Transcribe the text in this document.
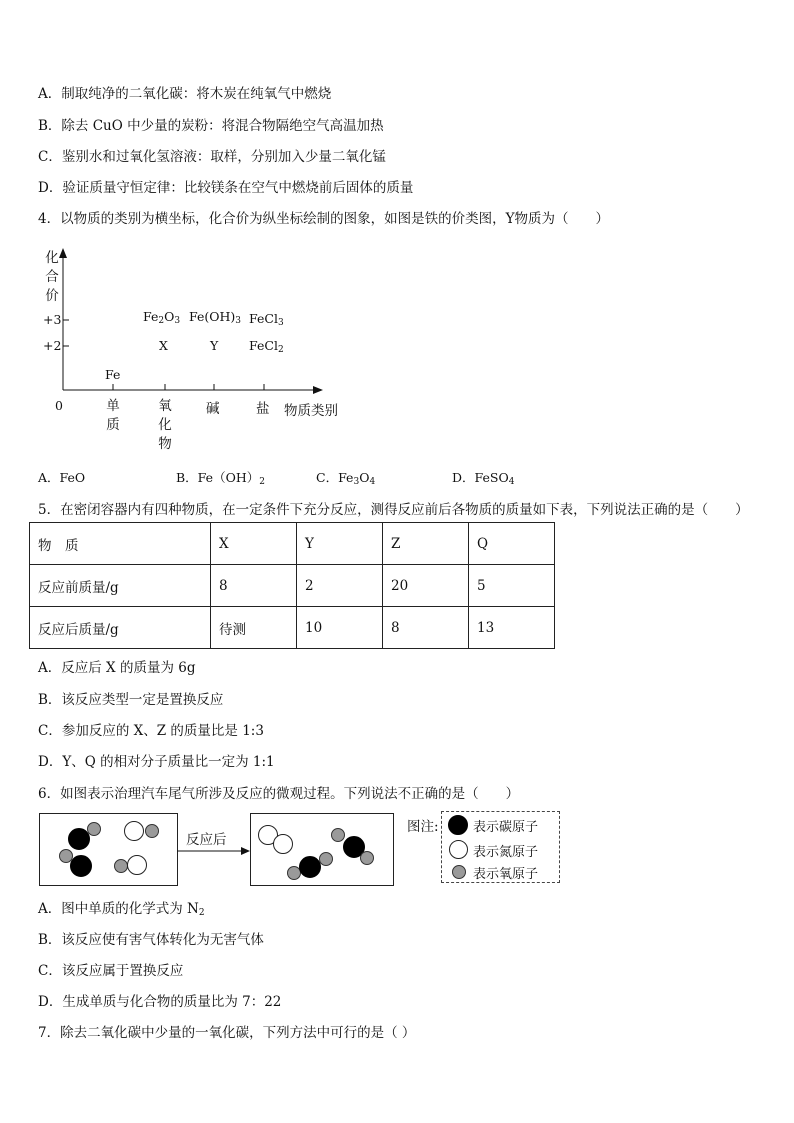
A．制取纯净的二氧化碳：将木炭在纯氧气中燃烧
B．除去 CuO 中少量的炭粉：将混合物隔绝空气高温加热
C．鉴别水和过氧化氢溶液：取样，分别加入少量二氧化锰
D．验证质量守恒定律：比较镁条在空气中燃烧前后固体的质量
4．以物质的类别为横坐标，化合价为纵坐标绘制的图象，如图是铁的价类图，Y物质为（　　）
化
合
价
+3
+2
0	单
质
氧
化
物
碱	盐 物质类别
Fe
$Fe_2O_3$ $Fe(OH)_3$ FeCl$_3$
X	Y FeCl$_2$
A．FeO	B．$Fe(OH)_2$	C．$Fe_3O_4$	D．FeSO$_4$
5．在密闭容器内有四种物质，在一定条件下充分反应，测得反应前后各物质的质量如下表，下列说法正确的是（　　）
物　质	X	Y	Z	Q
反应前质量/g	8	2	20	5
反应后质量/g	待测	10	8	13
A．反应后 X 的质量为 6g
B．该反应类型一定是置换反应
C．参加反应的 X、Z 的质量比是 1:3
D．Y、Q 的相对分子质量比一定为 1:1
6．如图表示治理汽车尾气所涉及反应的微观过程。下列说法不正确的是（　　）
反应后
图注:	表示碳原子
表示氮原子
表示氧原子
A．图中单质的化学式为 $N_2$
B．该反应使有害气体转化为无害气体
C．该反应属于置换反应
D．生成单质与化合物的质量比为 7：22
7．除去二氧化碳中少量的一氧化碳，下列方法中可行的是（ ）
